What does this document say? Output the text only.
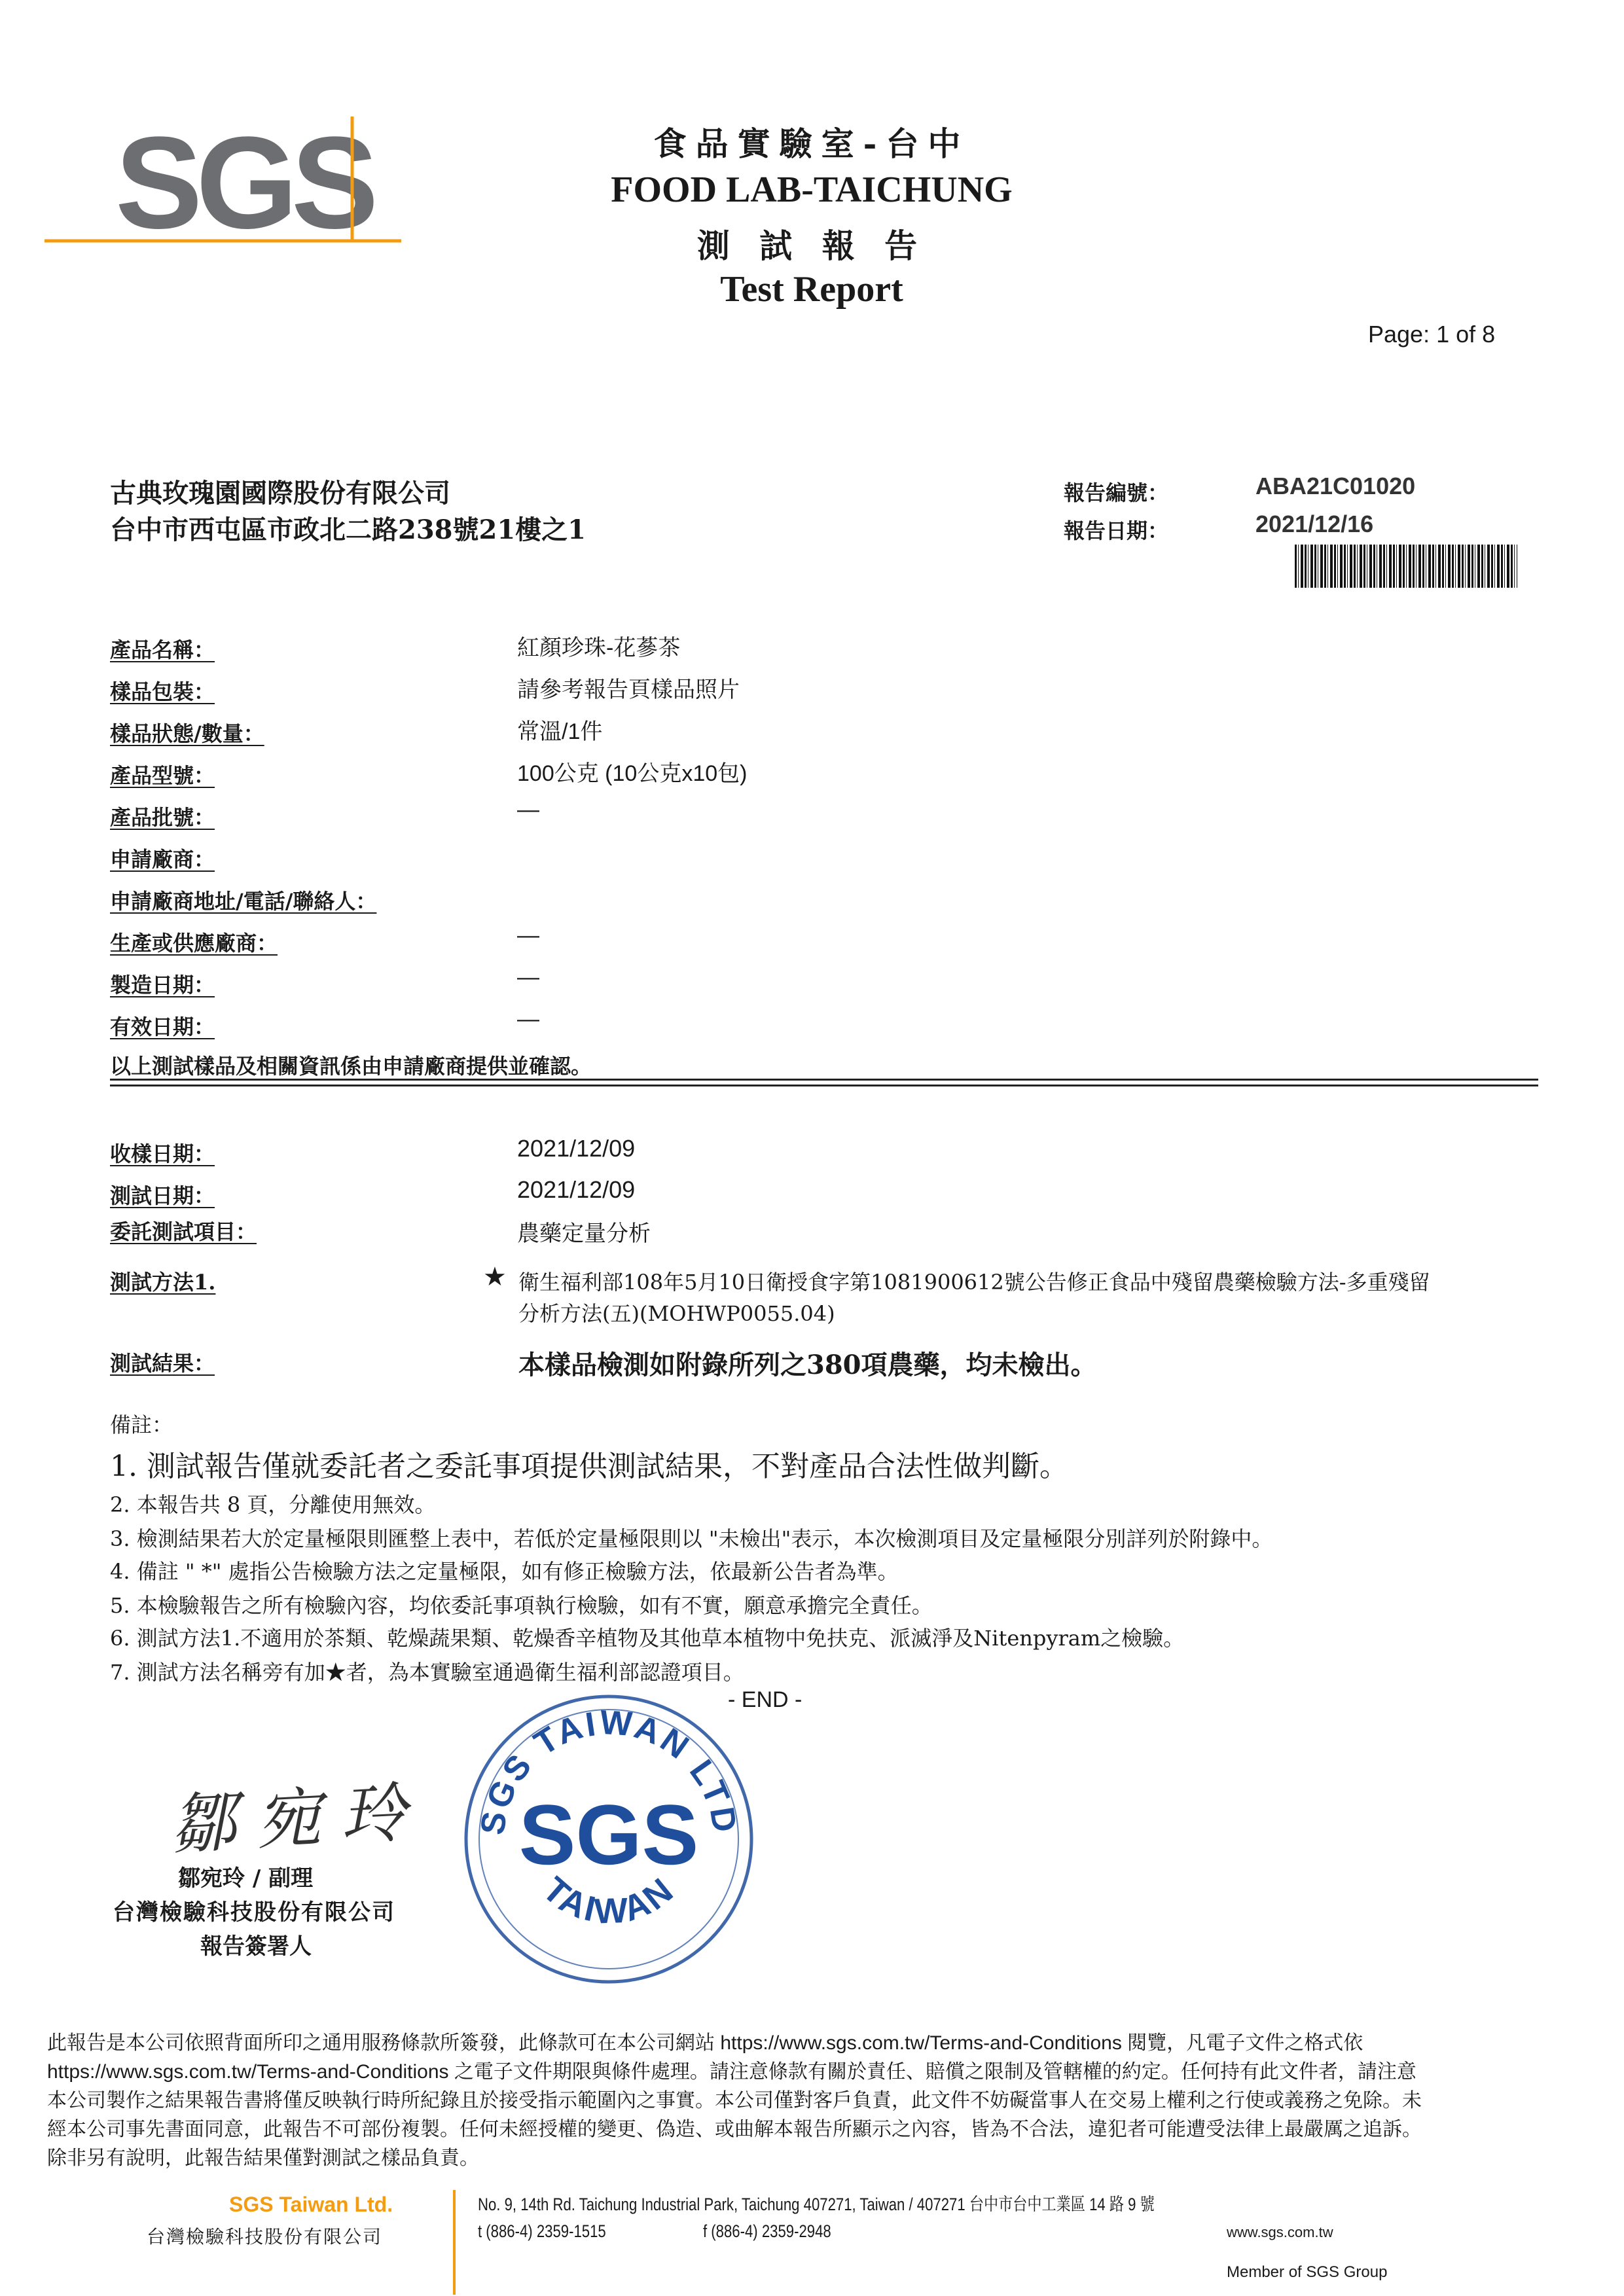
SGS	食品實驗室-台中
FOOD LAB-TAICHUNG
測 試 報 告
Test Report
Page: 1 of 8
古典玫瑰園國際股份有限公司
台中市西屯區市政北二路238號21樓之1
報告編號：	ABA21C01020
報告日期：	2021/12/16
產品名稱：	紅顏珍珠-花蔘茶
樣品包裝：	請參考報告頁樣品照片
樣品狀態/數量：	常溫/1件
產品型號：	100公克 (10公克x10包)
產品批號：	—
申請廠商：
申請廠商地址/電話/聯絡人：
生產或供應廠商：	—
製造日期：	—
有效日期：	—
以上測試樣品及相關資訊係由申請廠商提供並確認。
收樣日期：	2021/12/09
測試日期：	2021/12/09
委託測試項目：	農藥定量分析
測試方法1.	★ 衛生福利部108年5月10日衛授食字第1081900612號公告修正食品中殘留農藥檢驗方法-多重殘留
分析方法(五)(MOHWP0055.04)
測試結果：	本樣品檢測如附錄所列之380項農藥，均未檢出。
備註：
1. 測試報告僅就委託者之委託事項提供測試結果，不對產品合法性做判斷。
2. 本報告共 8 頁，分離使用無效。
3. 檢測結果若大於定量極限則匯整上表中，若低於定量極限則以 "未檢出"表示，本次檢測項目及定量極限分別詳列於附錄中。
4. 備註 " *" 處指公告檢驗方法之定量極限，如有修正檢驗方法，依最新公告者為準。
5. 本檢驗報告之所有檢驗內容，均依委託事項執行檢驗，如有不實，願意承擔完全責任。
6. 測試方法1.不適用於茶類、乾燥蔬果類、乾燥香辛植物及其他草本植物中免扶克、派滅淨及Nitenpyram之檢驗。
7. 測試方法名稱旁有加★者，為本實驗室通過衛生福利部認證項目。
- END -
鄒宛玲
鄒宛玲 / 副理
台灣檢驗科技股份有限公司
報告簽署人
SGS TAIWAN LTD
SGS
TAIWAN
此報告是本公司依照背面所印之通用服務條款所簽發，此條款可在本公司網站 https://www.sgs.com.tw/Terms-and-Conditions 閱覽，凡電子文件之格式依
https://www.sgs.com.tw/Terms-and-Conditions 之電子文件期限與條件處理。請注意條款有關於責任、賠償之限制及管轄權的約定。任何持有此文件者，請注意
本公司製作之結果報告書將僅反映執行時所紀錄且於接受指示範圍內之事實。本公司僅對客戶負責，此文件不妨礙當事人在交易上權利之行使或義務之免除。未
經本公司事先書面同意，此報告不可部份複製。任何未經授權的變更、偽造、或曲解本報告所顯示之內容，皆為不合法，違犯者可能遭受法律上最嚴厲之追訴。
除非另有說明，此報告結果僅對測試之樣品負責。
SGS Taiwan Ltd.
台灣檢驗科技股份有限公司
No. 9, 14th Rd. Taichung Industrial Park, Taichung 407271, Taiwan / 407271 台中市台中工業區 14 路 9 號
t (886-4) 2359-1515	f (886-4) 2359-2948	www.sgs.com.tw
Member of SGS Group
